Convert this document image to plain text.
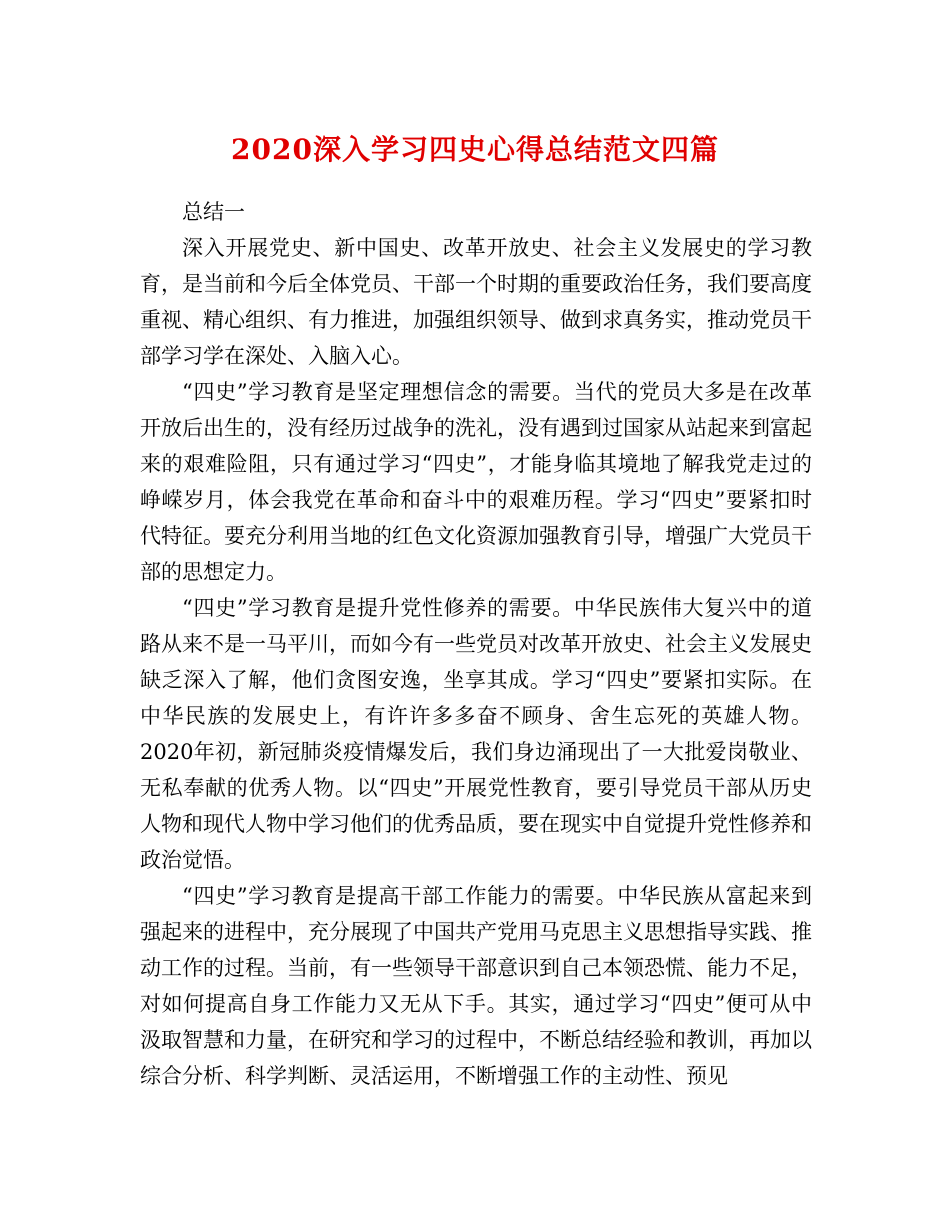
2020深入学习四史心得总结范文四篇

总结一

深入开展党史、新中国史、改革开放史、社会主义发展史的学习教育，是当前和今后全体党员、干部一个时期的重要政治任务，我们要高度重视、精心组织、有力推进，加强组织领导、做到求真务实，推动党员干部学习学在深处、入脑入心。

“四史”学习教育是坚定理想信念的需要。当代的党员大多是在改革开放后出生的，没有经历过战争的洗礼，没有遇到过国家从站起来到富起来的艰难险阻，只有通过学习“四史”，才能身临其境地了解我党走过的峥嵘岁月，体会我党在革命和奋斗中的艰难历程。学习“四史”要紧扣时代特征。要充分利用当地的红色文化资源加强教育引导，增强广大党员干部的思想定力。

“四史”学习教育是提升党性修养的需要。中华民族伟大复兴中的道路从来不是一马平川，而如今有一些党员对改革开放史、社会主义发展史缺乏深入了解，他们贪图安逸，坐享其成。学习“四史”要紧扣实际。在中华民族的发展史上，有许许多多奋不顾身、舍生忘死的英雄人物。2020年初，新冠肺炎疫情爆发后，我们身边涌现出了一大批爱岗敬业、无私奉献的优秀人物。以“四史”开展党性教育，要引导党员干部从历史人物和现代人物中学习他们的优秀品质，要在现实中自觉提升党性修养和政治觉悟。

“四史”学习教育是提高干部工作能力的需要。中华民族从富起来到强起来的进程中，充分展现了中国共产党用马克思主义思想指导实践、推动工作的过程。当前，有一些领导干部意识到自己本领恐慌、能力不足，对如何提高自身工作能力又无从下手。其实，通过学习“四史”便可从中汲取智慧和力量，在研究和学习的过程中，不断总结经验和教训，再加以综合分析、科学判断、灵活运用，不断增强工作的主动性、预见
